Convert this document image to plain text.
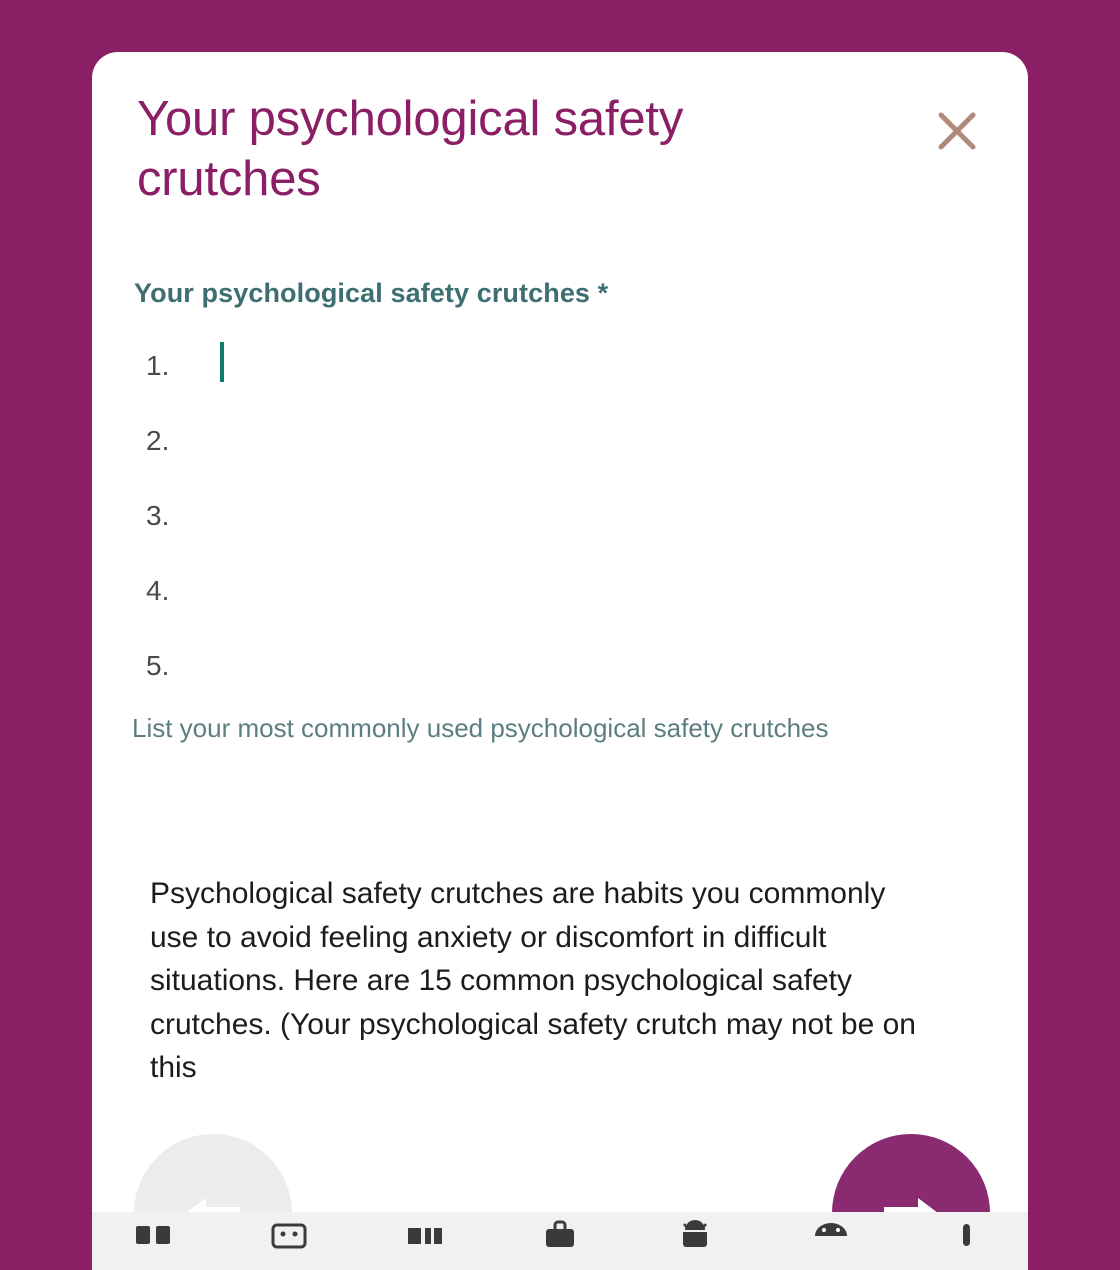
Your psychological safety crutches
Your psychological safety crutches *
1.
2.
3.
4.
5.
List your most commonly used psychological safety crutches
Psychological safety crutches are habits you commonly use to avoid feeling anxiety or discomfort in difficult situations. Here are 15 common psychological safety crutches. (Your psychological safety crutch may not be on this
